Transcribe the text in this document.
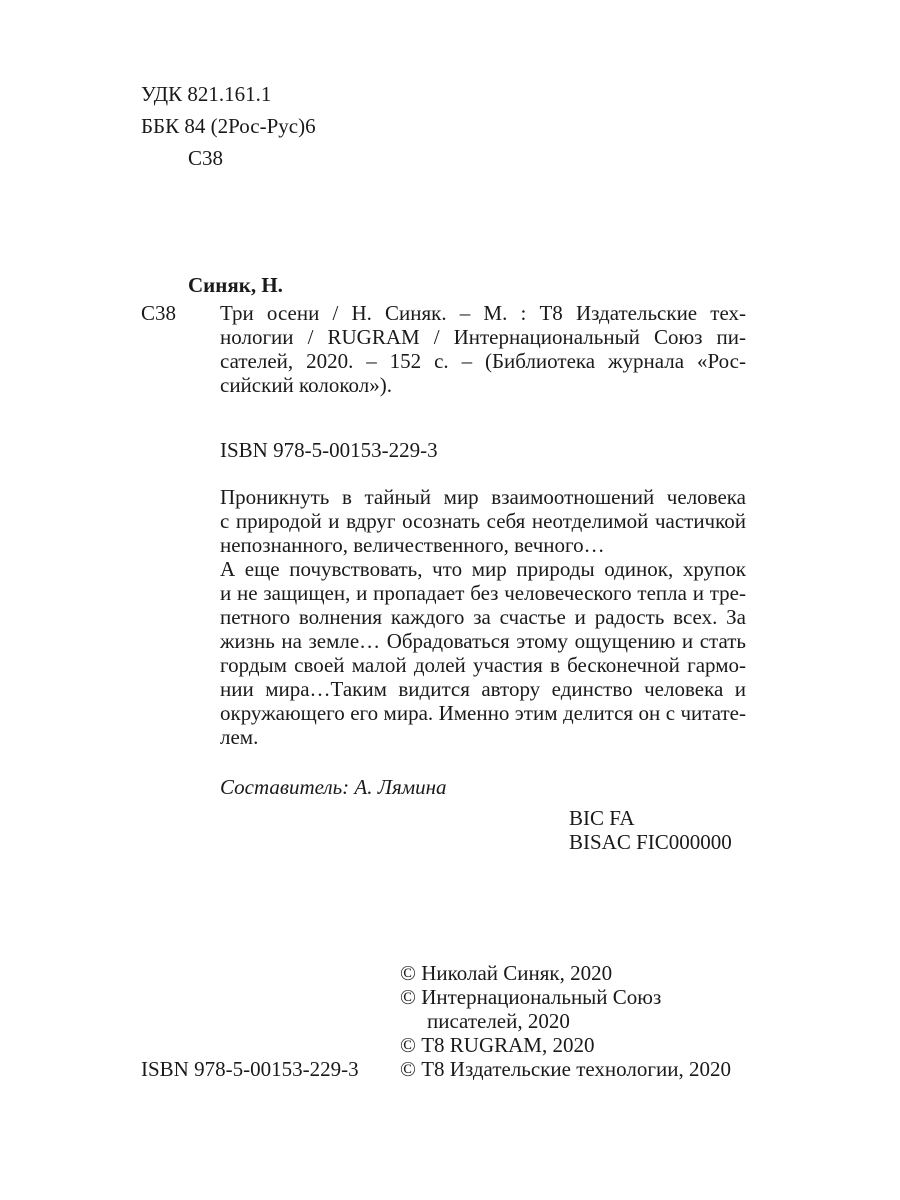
УДК 821.161.1
ББК 84 (2Рос-Рус)6
С38
Синяк, Н.
С38 Три осени / Н. Синяк. – М. : Т8 Издательские тех-
нологии / RUGRAM / Интернациональный Союз пи-
сателей, 2020. – 152 с. – (Библиотека журнала «Рос-
сийский колокол»).
ISBN 978-5-00153-229-3
Проникнуть в тайный мир взаимоотношений человека
с природой и вдруг осознать себя неотделимой частичкой
непознанного, величественного, вечного…
А еще почувствовать, что мир природы одинок, хрупок
и не защищен, и пропадает без человеческого тепла и тре-
петного волнения каждого за счастье и радость всех. За
жизнь на земле… Обрадоваться этому ощущению и стать
гордым своей малой долей участия в бесконечной гармо-
нии мира…Таким видится автору единство человека и
окружающего его мира. Именно этим делится он с читате-
лем.
Составитель: А. Лямина
BIC FA
BISAC FIC000000
© Николай Синяк, 2020
© Интернациональный Союз
писателей, 2020
© Т8 RUGRAM, 2020
© Т8 Издательские технологии, 2020
ISBN 978-5-00153-229-3
